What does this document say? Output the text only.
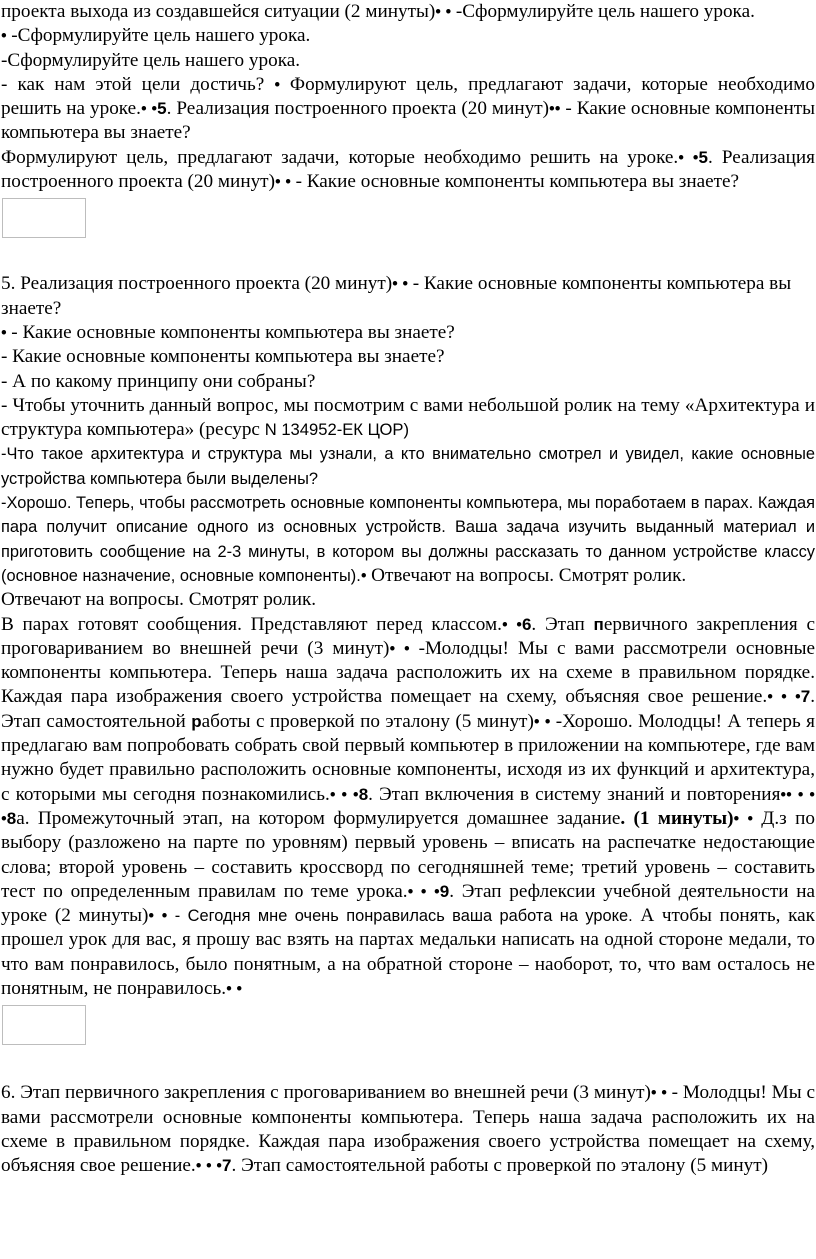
проекта выхода из создавшейся ситуации (2 минуты)• • -Сформулируйте цель нашего урока.

• -Сформулируйте цель нашего урока.

-Сформулируйте цель нашего урока.

- как нам этой цели достичь? • Формулируют цель, предлагают задачи, которые необходимо решить на уроке.• •5. Реализация построенного проекта (20 минут)•• - Какие основные компоненты компьютера вы знаете?

Формулируют цель, предлагают задачи, которые необходимо решить на уроке.• •5. Реализация построенного проекта (20 минут)• • - Какие основные компоненты компьютера вы знаете?

5. Реализация построенного проекта (20 минут)• • - Какие основные компоненты компьютера вы знаете?

• - Какие основные компоненты компьютера вы знаете?

- Какие основные компоненты компьютера вы знаете?

- А по какому принципу они собраны?

- Чтобы уточнить данный вопрос, мы посмотрим с вами небольшой ролик на тему «Архитектура и структура компьютера» (ресурс N 134952-ЕК ЦОР)

-Что такое архитектура и структура мы узнали, а кто внимательно смотрел и увидел, какие основные устройства компьютера были выделены?

-Хорошо. Теперь, чтобы рассмотреть основные компоненты компьютера, мы поработаем в парах. Каждая пара получит описание одного из основных устройств. Ваша задача изучить выданный материал и приготовить сообщение на 2-3 минуты, в котором вы должны рассказать то данном устройстве классу (основное назначение, основные компоненты).• Отвечают на вопросы. Смотрят ролик.

Отвечают на вопросы. Смотрят ролик.

В парах готовят сообщения. Представляют перед классом.• •6. Этап первичного закрепления с проговариванием во внешней речи (3 минут)• • -Молодцы! Мы с вами рассмотрели основные компоненты компьютера. Теперь наша задача расположить их на схеме в правильном порядке. Каждая пара изображения своего устройства помещает на схему, объясняя свое решение.• • •7. Этап самостоятельной работы с проверкой по эталону (5 минут)• • -Хорошо. Молодцы! А теперь я предлагаю вам попробовать собрать свой первый компьютер в приложении на компьютере, где вам нужно будет правильно расположить основные компоненты, исходя из их функций и архитектура, с которыми мы сегодня познакомились.• • •8. Этап включения в систему знаний и повторения•• • • •8а. Промежуточный этап, на котором формулируется домашнее задание. (1 минуты)• • Д.з по выбору (разложено на парте по уровням) первый уровень – вписать на распечатке недостающие слова; второй уровень – составить кроссворд по сегодняшней теме; третий уровень – составить тест по определенным правилам по теме урока.• • •9. Этап рефлексии учебной деятельности на уроке (2 минуты)• • - Сегодня мне очень понравилась ваша работа на уроке. А чтобы понять, как прошел урок для вас, я прошу вас взять на партах медальки написать на одной стороне медали, то что вам понравилось, было понятным, а на обратной стороне – наоборот, то, что вам осталось не понятным, не понравилось.• •

6. Этап первичного закрепления с проговариванием во внешней речи (3 минут)• • - Молодцы! Мы с вами рассмотрели основные компоненты компьютера. Теперь наша задача расположить их на схеме в правильном порядке. Каждая пара изображения своего устройства помещает на схему, объясняя свое решение.• • •7. Этап самостоятельной работы с проверкой по эталону (5 минут)
